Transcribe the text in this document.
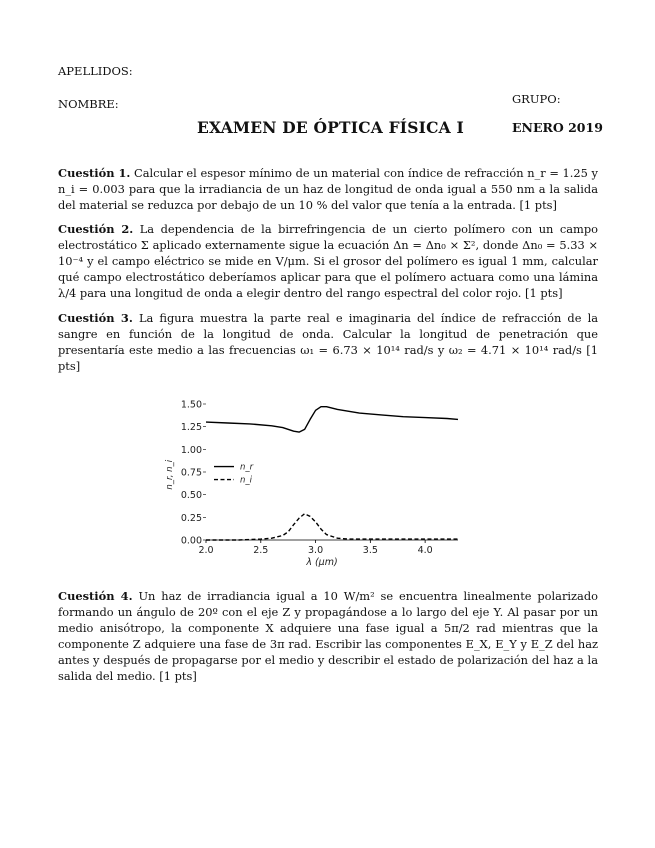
APELLIDOS:
NOMBRE:	GRUPO:
EXAMEN DE ÓPTICA FÍSICA I	ENERO 2019
Cuestión 1. Calcular el espesor mínimo de un material con índice de refracción n_r = 1.25 y n_i = 0.003 para que la irradiancia de un haz de longitud de onda igual a 550 nm a la salida del material se reduzca por debajo de un 10 % del valor que tenía a la entrada. [1 pts]
Cuestión 2. La dependencia de la birrefringencia de un cierto polímero con un campo electrostático Σ aplicado externamente sigue la ecuación Δn = Δn₀ × Σ², donde Δn₀ = 5.33 × 10⁻⁴ y el campo eléctrico se mide en V/μm. Si el grosor del polímero es igual 1 mm, calcular qué campo electrostático deberíamos aplicar para que el polímero actuara como una lámina λ/4 para una longitud de onda a elegir dentro del rango espectral del color rojo. [1 pts]
Cuestión 3. La figura muestra la parte real e imaginaria del índice de refracción de la sangre en función de la longitud de onda. Calcular la longitud de penetración que presentaría este medio a las frecuencias ω₁ = 6.73 × 10¹⁴ rad/s y ω₂ = 4.71 × 10¹⁴ rad/s [1 pts]
2.0	2.5	3.0	3.5	4.0
0.00
0.25
0.50
0.75
1.00
1.25
1.50
λ (μm)
n_r, n_i	n_r
n_i
Cuestión 4. Un haz de irradiancia igual a 10 W/m² se encuentra linealmente polarizado formando un ángulo de 20º con el eje Z y propagándose a lo largo del eje Y. Al pasar por un medio anisótropo, la componente X adquiere una fase igual a 5π/2 rad mientras que la componente Z adquiere una fase de 3π rad. Escribir las componentes E_X, E_Y y E_Z del haz antes y después de propagarse por el medio y describir el estado de polarización del haz a la salida del medio. [1 pts]
